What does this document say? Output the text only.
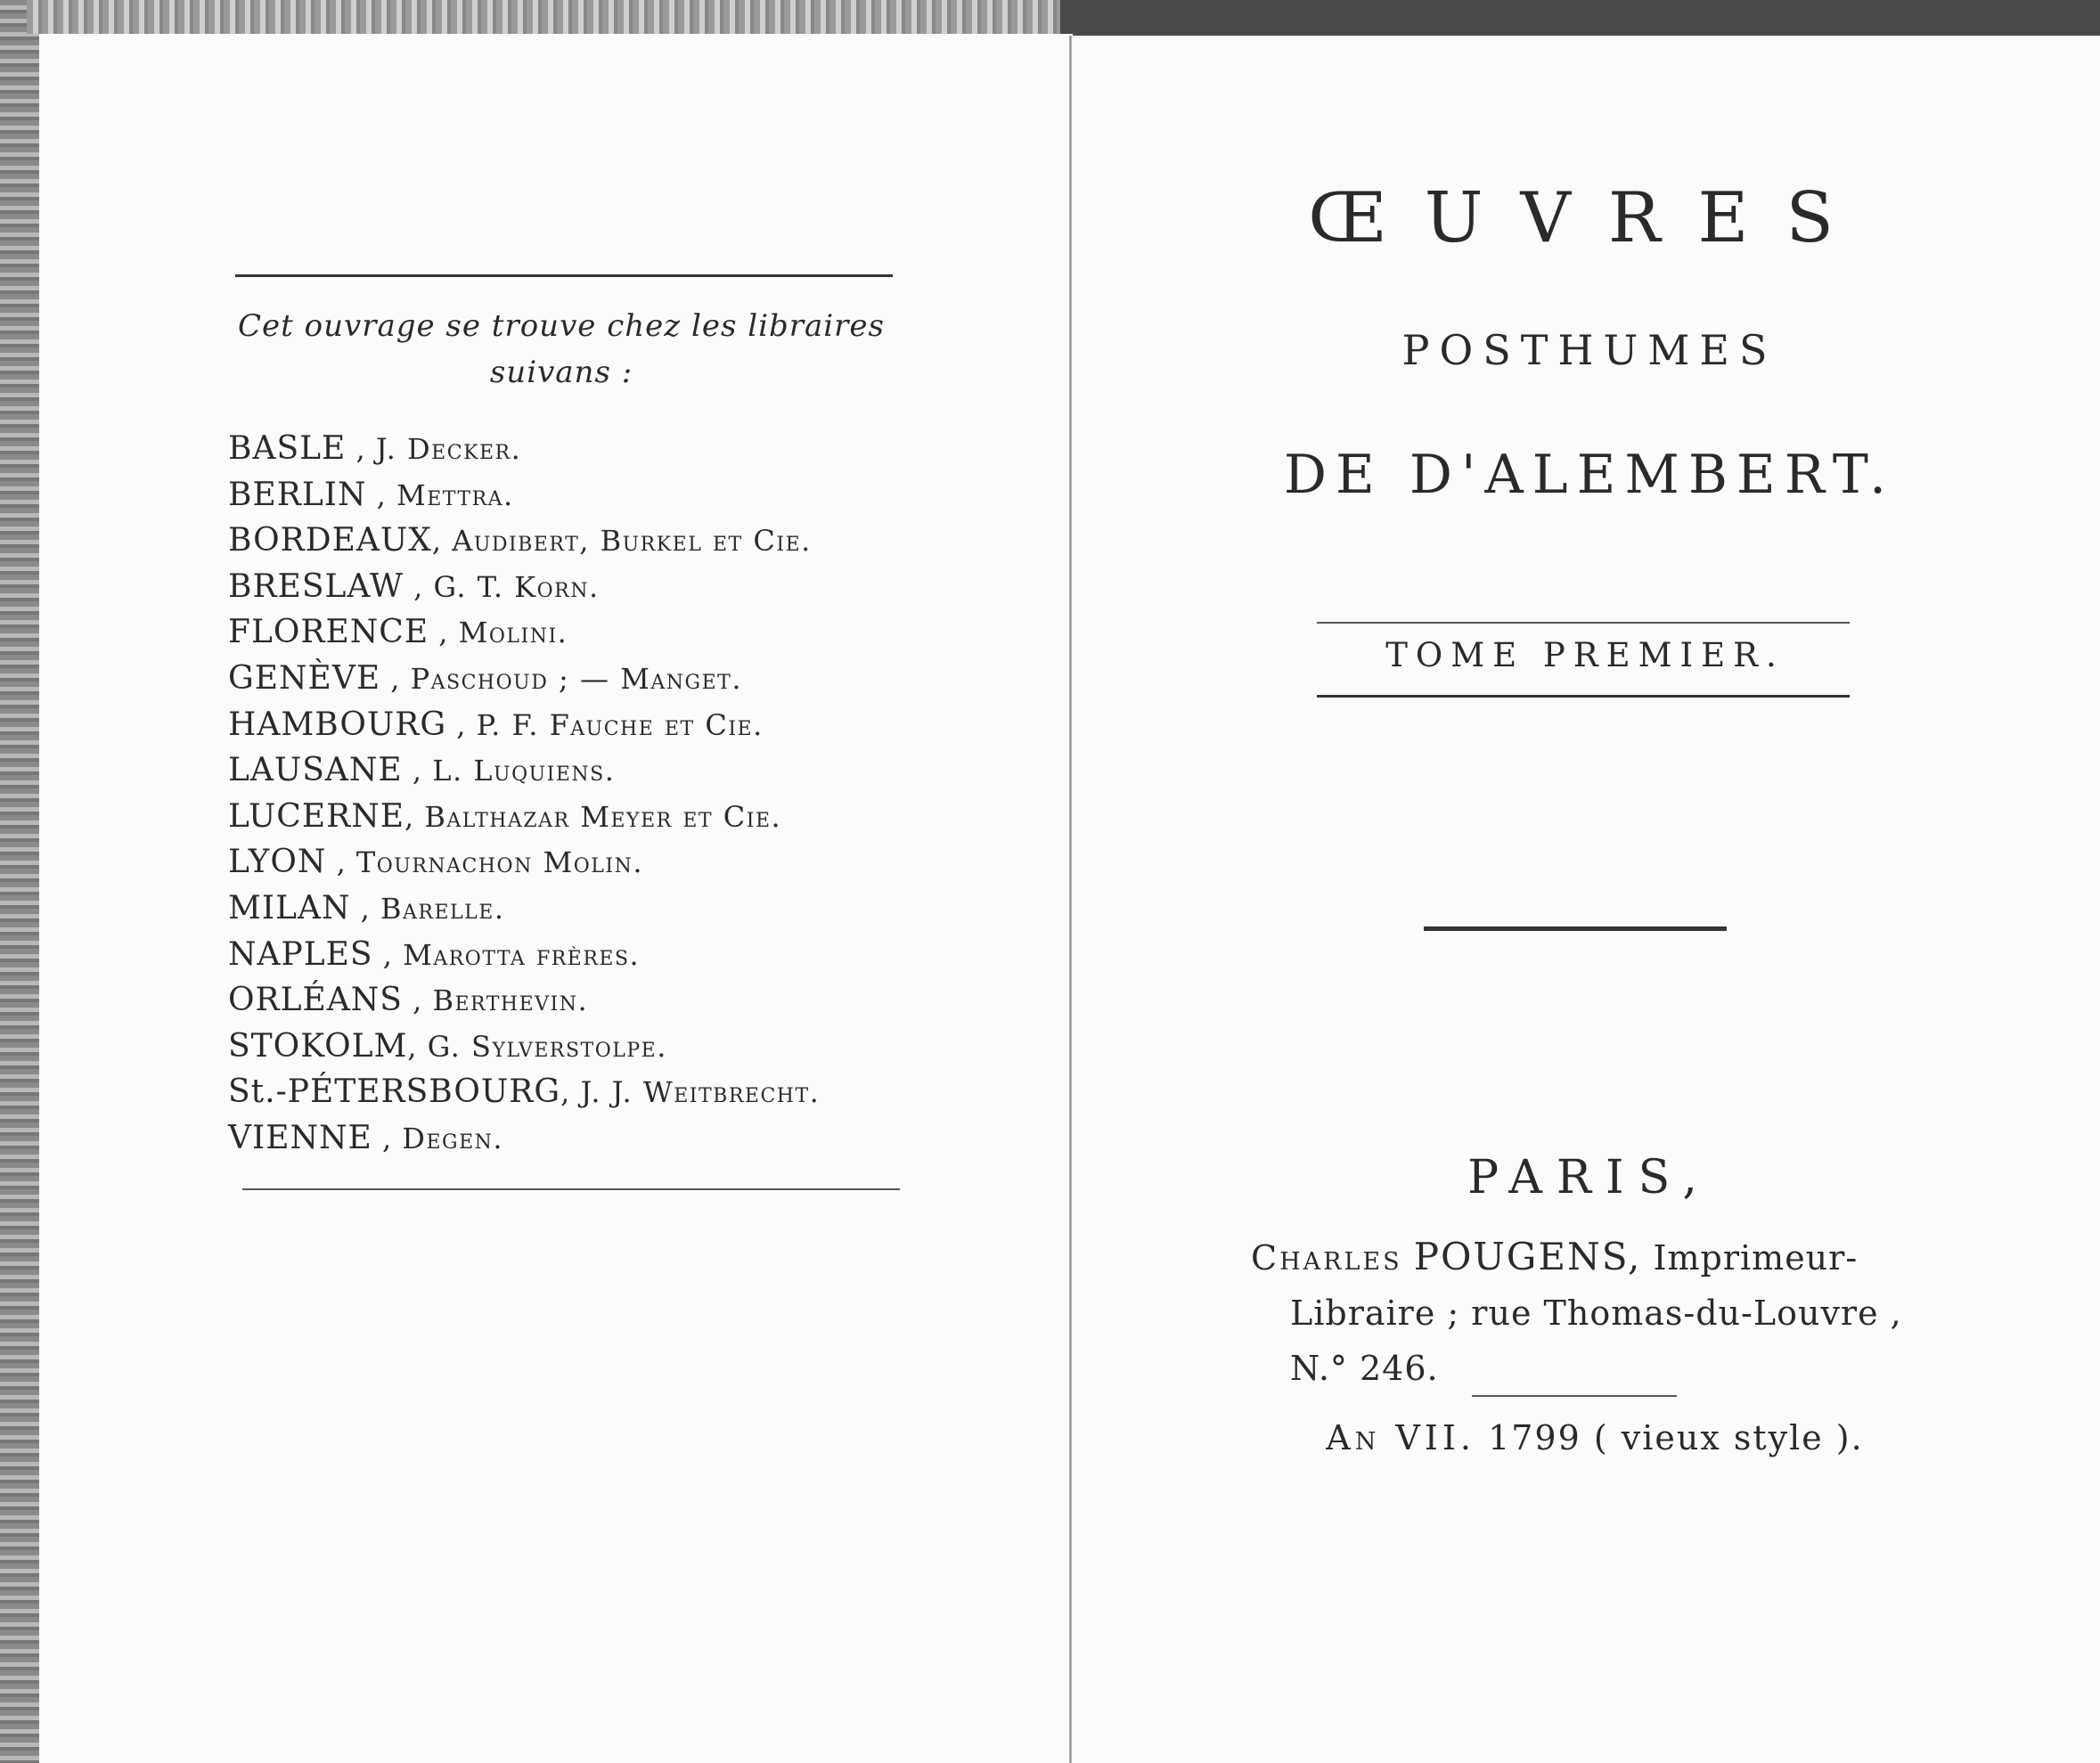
Cet ouvrage se trouve chez les libraires suivans :
BASLE , J. Decker.
BERLIN , Mettra.
BORDEAUX, Audibert, Burkel et Cie.
BRESLAW , G. T. Korn.
FLORENCE , Molini.
GENÈVE , Paschoud ; — Manget.
HAMBOURG , P. F. Fauche et Cie.
LAUSANE , L. Luquiens.
LUCERNE, Balthazar Meyer et Cie.
LYON , Tournachon Molin.
MILAN , Barelle.
NAPLES , Marotta frères.
ORLÉANS , Berthevin.
STOKOLM, G. Sylverstolpe.
St.-PÉTERSBOURG, J. J. Weitbrecht.
VIENNE , Degen.
ŒUVRES
POSTHUMES
DE D'ALEMBERT.
TOME PREMIER.
PARIS,
Charles POUGENS, Imprimeur-
Libraire ; rue Thomas-du-Louvre ,
N.° 246.
An VII. 1799 ( vieux style ).
